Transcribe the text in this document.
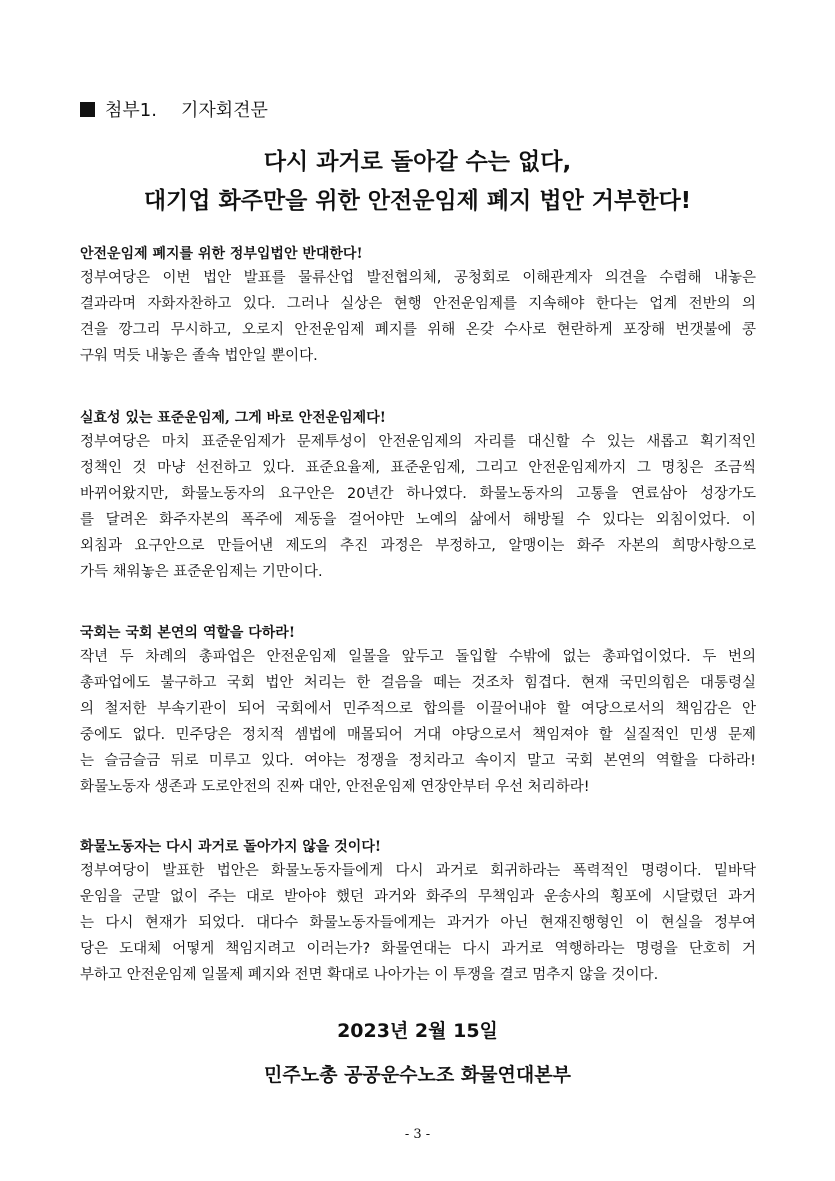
첨부1. 기자회견문
다시 과거로 돌아갈 수는 없다,
대기업 화주만을 위한 안전운임제 폐지 법안 거부한다!
안전운임제 폐지를 위한 정부입법안 반대한다!
정부여당은 이번 법안 발표를 물류산업 발전협의체, 공청회로 이해관계자 의견을 수렴해 내놓은
결과라며 자화자찬하고 있다. 그러나 실상은 현행 안전운임제를 지속해야 한다는 업계 전반의 의
견을 깡그리 무시하고, 오로지 안전운임제 폐지를 위해 온갖 수사로 현란하게 포장해 번갯불에 콩
구워 먹듯 내놓은 졸속 법안일 뿐이다.
실효성 있는 표준운임제, 그게 바로 안전운임제다!
정부여당은 마치 표준운임제가 문제투성이 안전운임제의 자리를 대신할 수 있는 새롭고 획기적인
정책인 것 마냥 선전하고 있다. 표준요율제, 표준운임제, 그리고 안전운임제까지 그 명칭은 조금씩
바뀌어왔지만, 화물노동자의 요구안은 20년간 하나였다. 화물노동자의 고통을 연료삼아 성장가도
를 달려온 화주자본의 폭주에 제동을 걸어야만 노예의 삶에서 해방될 수 있다는 외침이었다. 이
외침과 요구안으로 만들어낸 제도의 추진 과정은 부정하고, 알맹이는 화주 자본의 희망사항으로
가득 채워놓은 표준운임제는 기만이다.
국회는 국회 본연의 역할을 다하라!
작년 두 차례의 총파업은 안전운임제 일몰을 앞두고 돌입할 수밖에 없는 총파업이었다. 두 번의
총파업에도 불구하고 국회 법안 처리는 한 걸음을 떼는 것조차 힘겹다. 현재 국민의힘은 대통령실
의 철저한 부속기관이 되어 국회에서 민주적으로 합의를 이끌어내야 할 여당으로서의 책임감은 안
중에도 없다. 민주당은 정치적 셈법에 매몰되어 거대 야당으로서 책임져야 할 실질적인 민생 문제
는 슬금슬금 뒤로 미루고 있다. 여야는 정쟁을 정치라고 속이지 말고 국회 본연의 역할을 다하라!
화물노동자 생존과 도로안전의 진짜 대안, 안전운임제 연장안부터 우선 처리하라!
화물노동자는 다시 과거로 돌아가지 않을 것이다!
정부여당이 발표한 법안은 화물노동자들에게 다시 과거로 회귀하라는 폭력적인 명령이다. 밑바닥
운임을 군말 없이 주는 대로 받아야 했던 과거와 화주의 무책임과 운송사의 횡포에 시달렸던 과거
는 다시 현재가 되었다. 대다수 화물노동자들에게는 과거가 아닌 현재진행형인 이 현실을 정부여
당은 도대체 어떻게 책임지려고 이러는가? 화물연대는 다시 과거로 역행하라는 명령을 단호히 거
부하고 안전운임제 일몰제 폐지와 전면 확대로 나아가는 이 투쟁을 결코 멈추지 않을 것이다.
2023년 2월 15일
민주노총 공공운수노조 화물연대본부
- 3 -
